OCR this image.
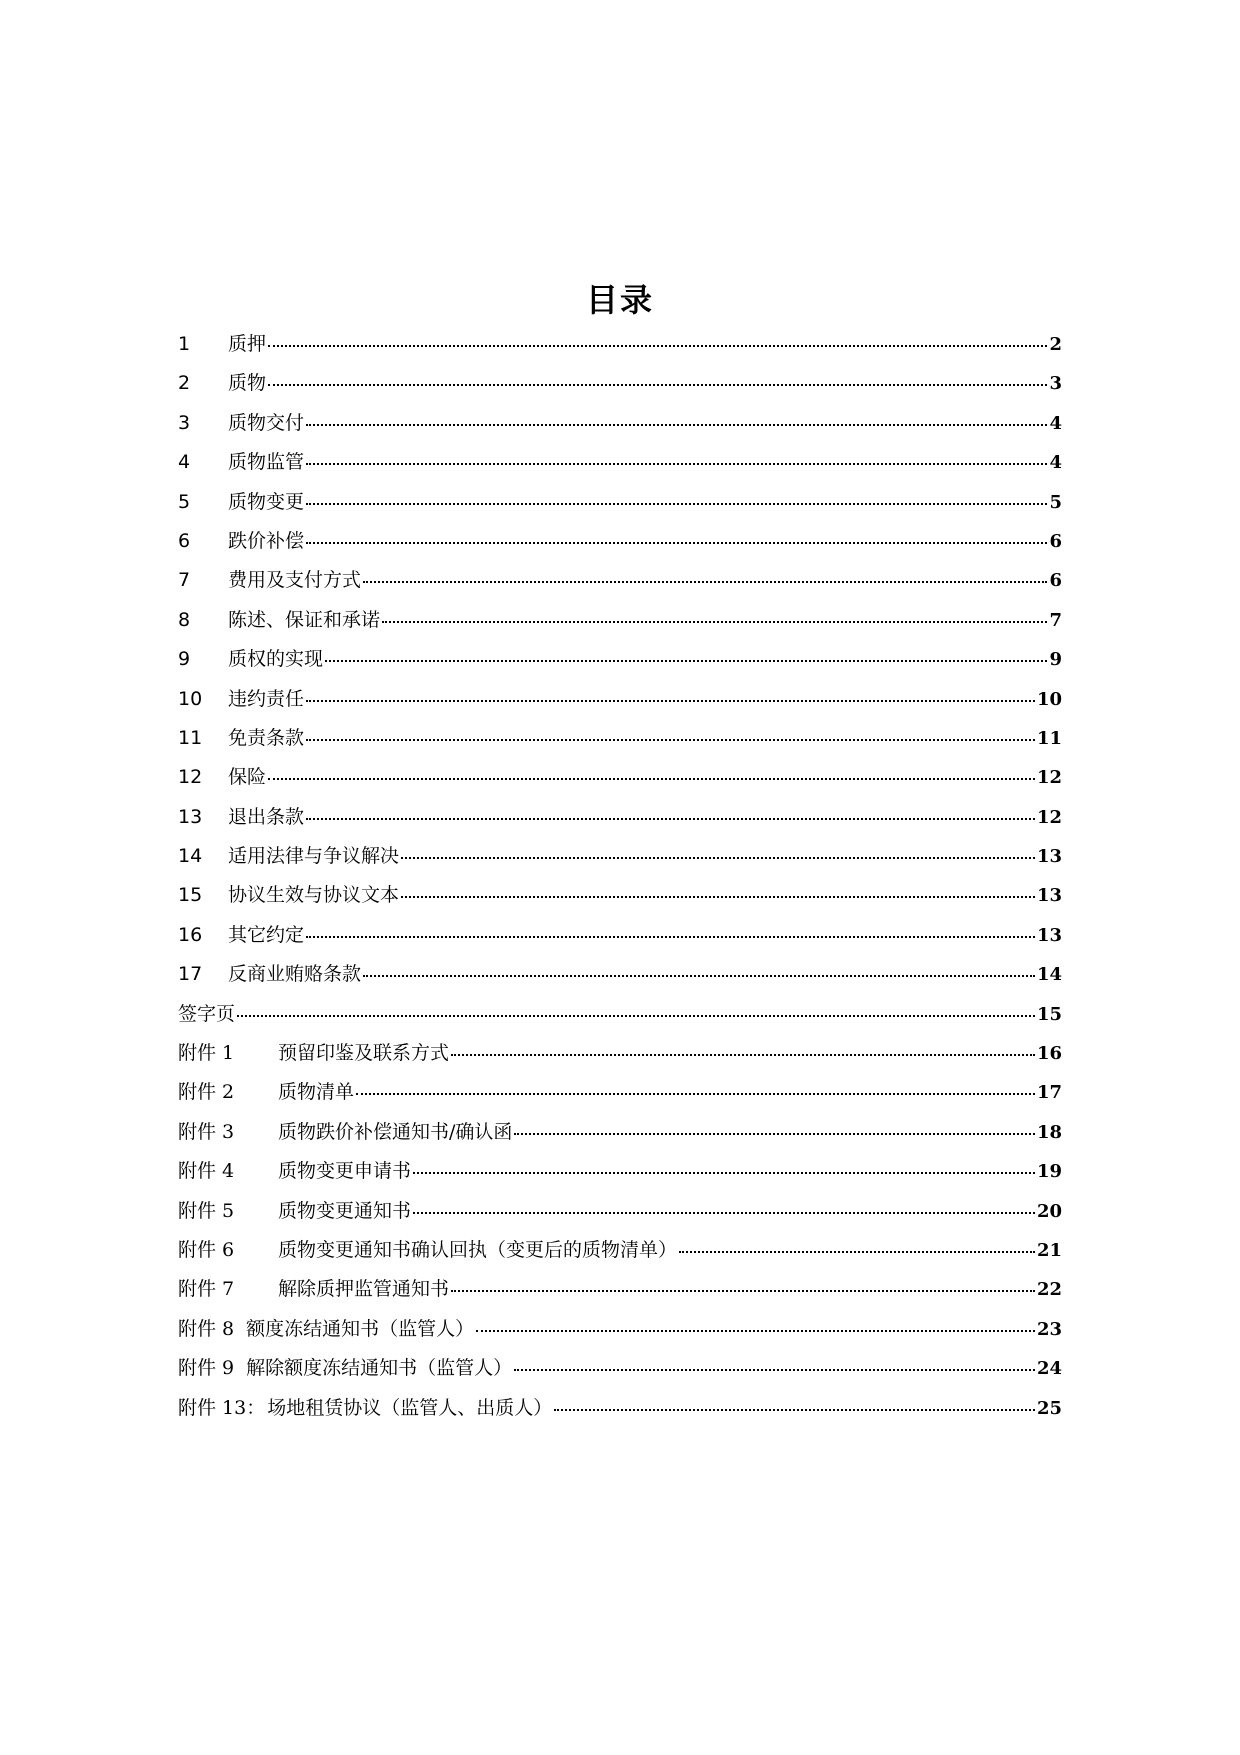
目录
1	质押	2
2	质物	3
3	质物交付	4
4	质物监管	4
5	质物变更	5
6	跌价补偿	6
7	费用及支付方式	6
8	陈述、保证和承诺	7
9	质权的实现	9
10	违约责任	10
11	免责条款	11
12	保险	12
13	退出条款	12
14	适用法律与争议解决	13
15	协议生效与协议文本	13
16	其它约定	13
17	反商业贿赂条款	14
签字页	15
附件 1	预留印鉴及联系方式	16
附件 2	质物清单	17
附件 3	质物跌价补偿通知书/确认函	18
附件 4	质物变更申请书	19
附件 5	质物变更通知书	20
附件 6	质物变更通知书确认回执（变更后的质物清单）	21
附件 7	解除质押监管通知书	22
附件 8 额度冻结通知书（监管人）	23
附件 9 解除额度冻结通知书（监管人）	24
附件 13： 场地租赁协议（监管人、出质人）	25
